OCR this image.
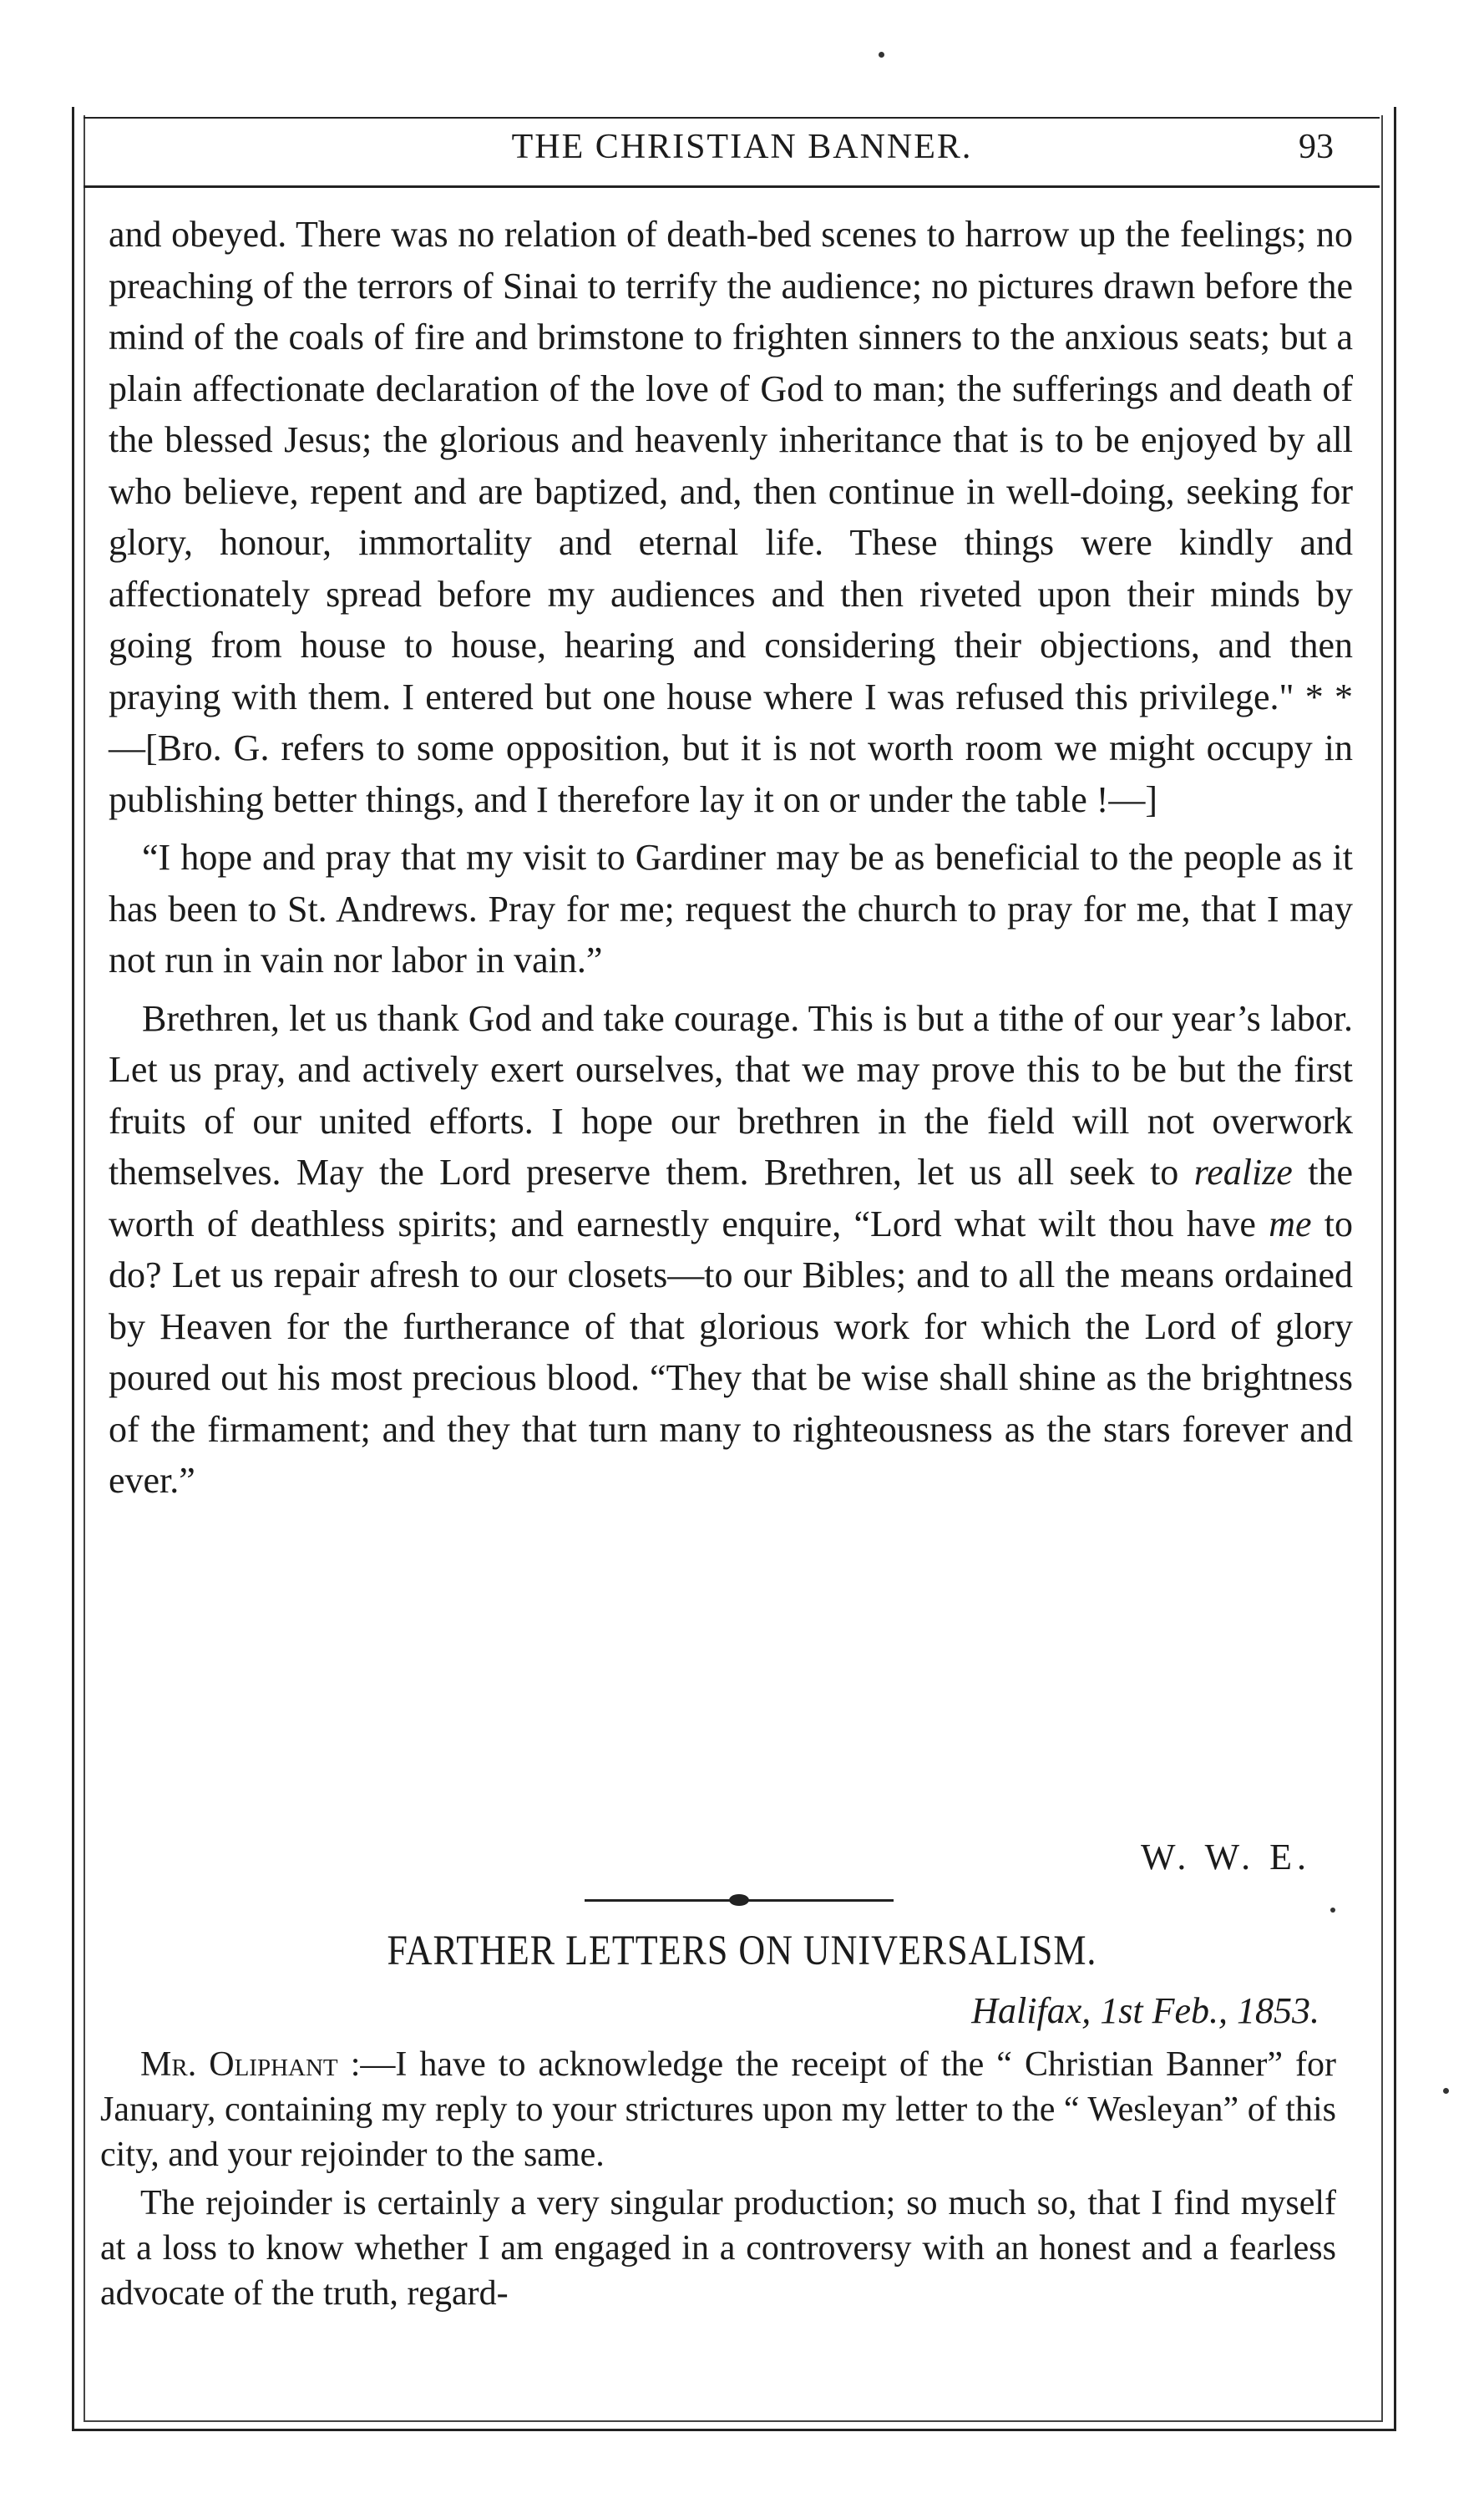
THE CHRISTIAN BANNER.	93

and obeyed. There was no relation of death-bed scenes to harrow up the feelings; no preaching of the terrors of Sinai to terrify the audience; no pictures drawn before the mind of the coals of fire and brimstone to frighten sinners to the anxious seats; but a plain affectionate declaration of the love of God to man; the sufferings and death of the blessed Jesus; the glorious and heavenly inheritance that is to be enjoyed by all who believe, repent and are baptized, and, then continue in well-doing, seeking for glory, honour, immortality and eternal life. These things were kindly and affectionately spread before my audiences and then riveted upon their minds by going from house to house, hearing and considering their objections, and then praying with them. I entered but one house where I was refused this privilege." * *—[Bro. G. refers to some opposition, but it is not worth room we might occupy in publishing better things, and I therefore lay it on or under the table !—]

“I hope and pray that my visit to Gardiner may be as beneficial to the people as it has been to St. Andrews. Pray for me; request the church to pray for me, that I may not run in vain nor labor in vain.”

Brethren, let us thank God and take courage. This is but a tithe of our year’s labor. Let us pray, and actively exert ourselves, that we may prove this to be but the first fruits of our united efforts. I hope our brethren in the field will not overwork themselves. May the Lord preserve them. Brethren, let us all seek to realize the worth of deathless spirits; and earnestly enquire, “Lord what wilt thou have me to do? Let us repair afresh to our closets—to our Bibles; and to all the means ordained by Heaven for the furtherance of that glorious work for which the Lord of glory poured out his most precious blood. “They that be wise shall shine as the brightness of the firmament; and they that turn many to righteousness as the stars forever and ever.”

W. W. E.
FARTHER LETTERS ON UNIVERSALISM.
Halifax, 1st Feb., 1853.

Mr. Oliphant :—I have to acknowledge the receipt of the “ Christian Banner” for January, containing my reply to your strictures upon my letter to the “ Wesleyan” of this city, and your rejoinder to the same.

The rejoinder is certainly a very singular production; so much so, that I find myself at a loss to know whether I am engaged in a controversy with an honest and a fearless advocate of the truth, regard-
